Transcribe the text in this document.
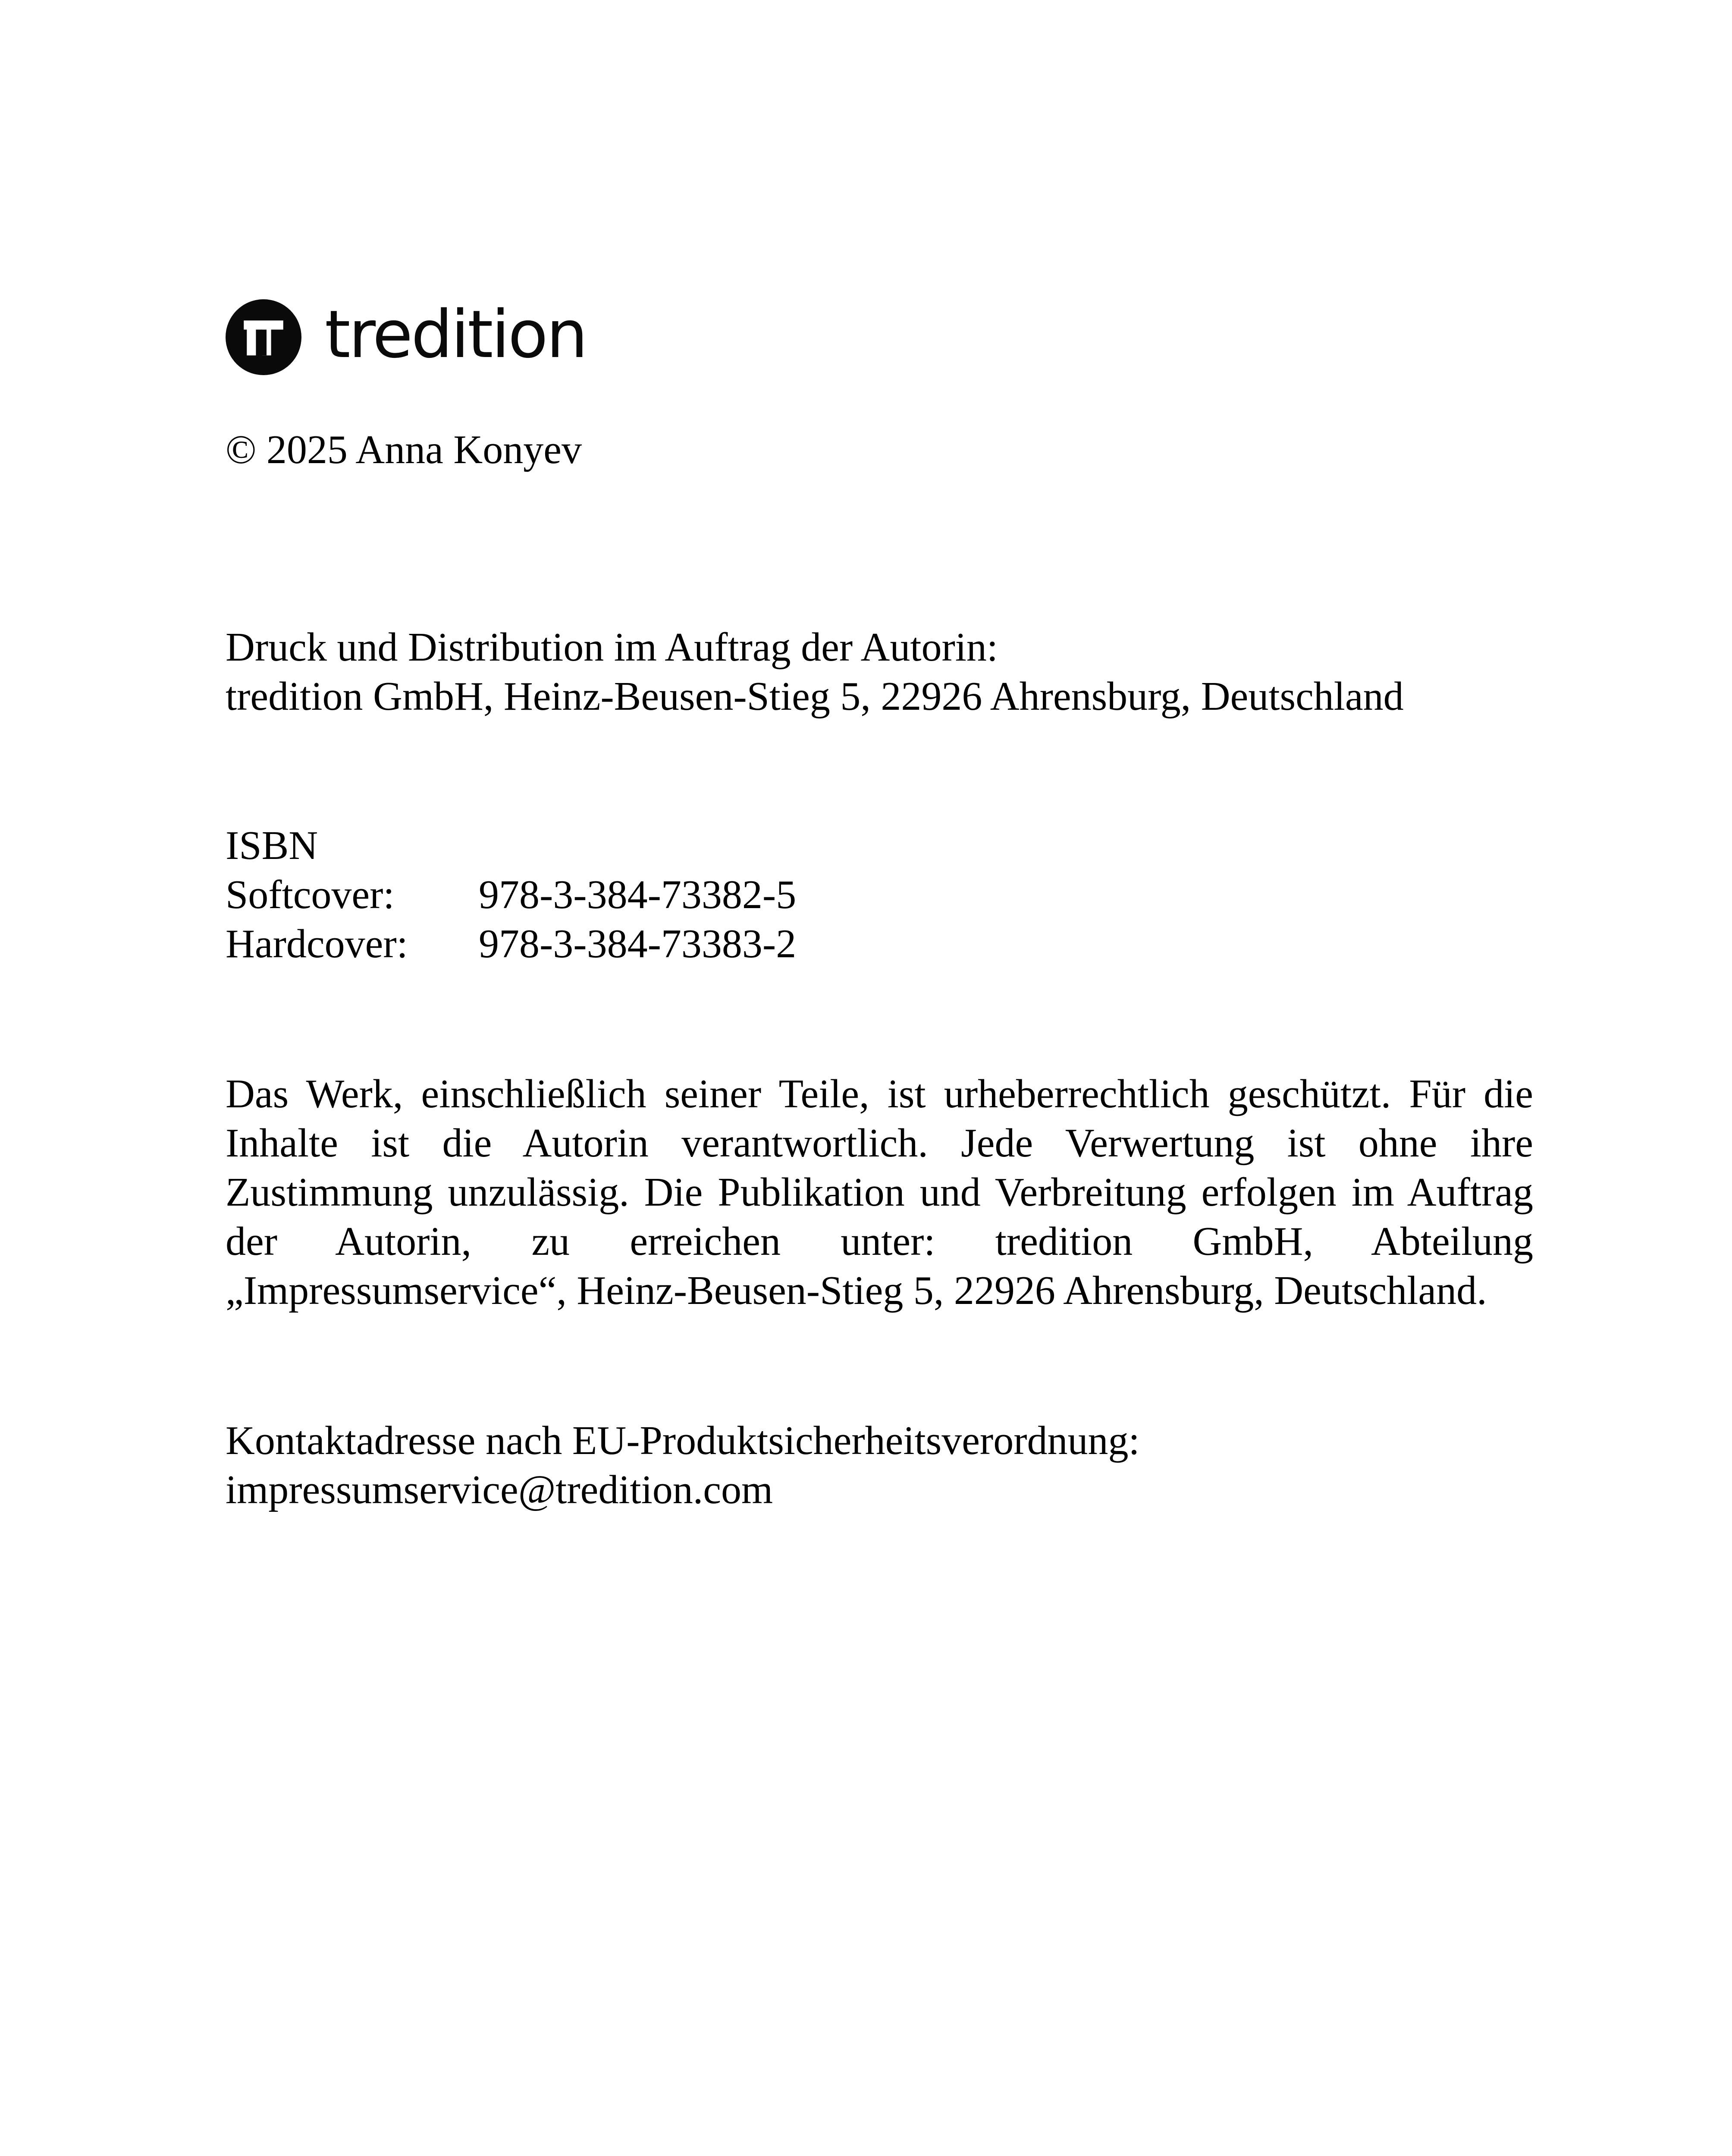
tredition
© 2025 Anna Konyev
Druck und Distribution im Auftrag der Autorin:
tredition GmbH, Heinz-Beusen-Stieg 5, 22926 Ahrensburg, Deutschland
ISBN
Softcover:	978-3-384-73382-5
Hardcover:	978-3-384-73383-2
Das Werk, einschließlich seiner Teile, ist urheberrechtlich geschützt. Für die Inhalte ist die Autorin verantwortlich. Jede Verwertung ist ohne ihre Zustimmung unzulässig. Die Publikation und Verbreitung erfolgen im Auftrag der Autorin, zu erreichen unter: tredition GmbH, Abteilung „Impressumservice“, Heinz-Beusen-Stieg 5, 22926 Ahrensburg, Deutschland.
Kontaktadresse nach EU-Produktsicherheitsverordnung:
impressumservice@tredition.com
